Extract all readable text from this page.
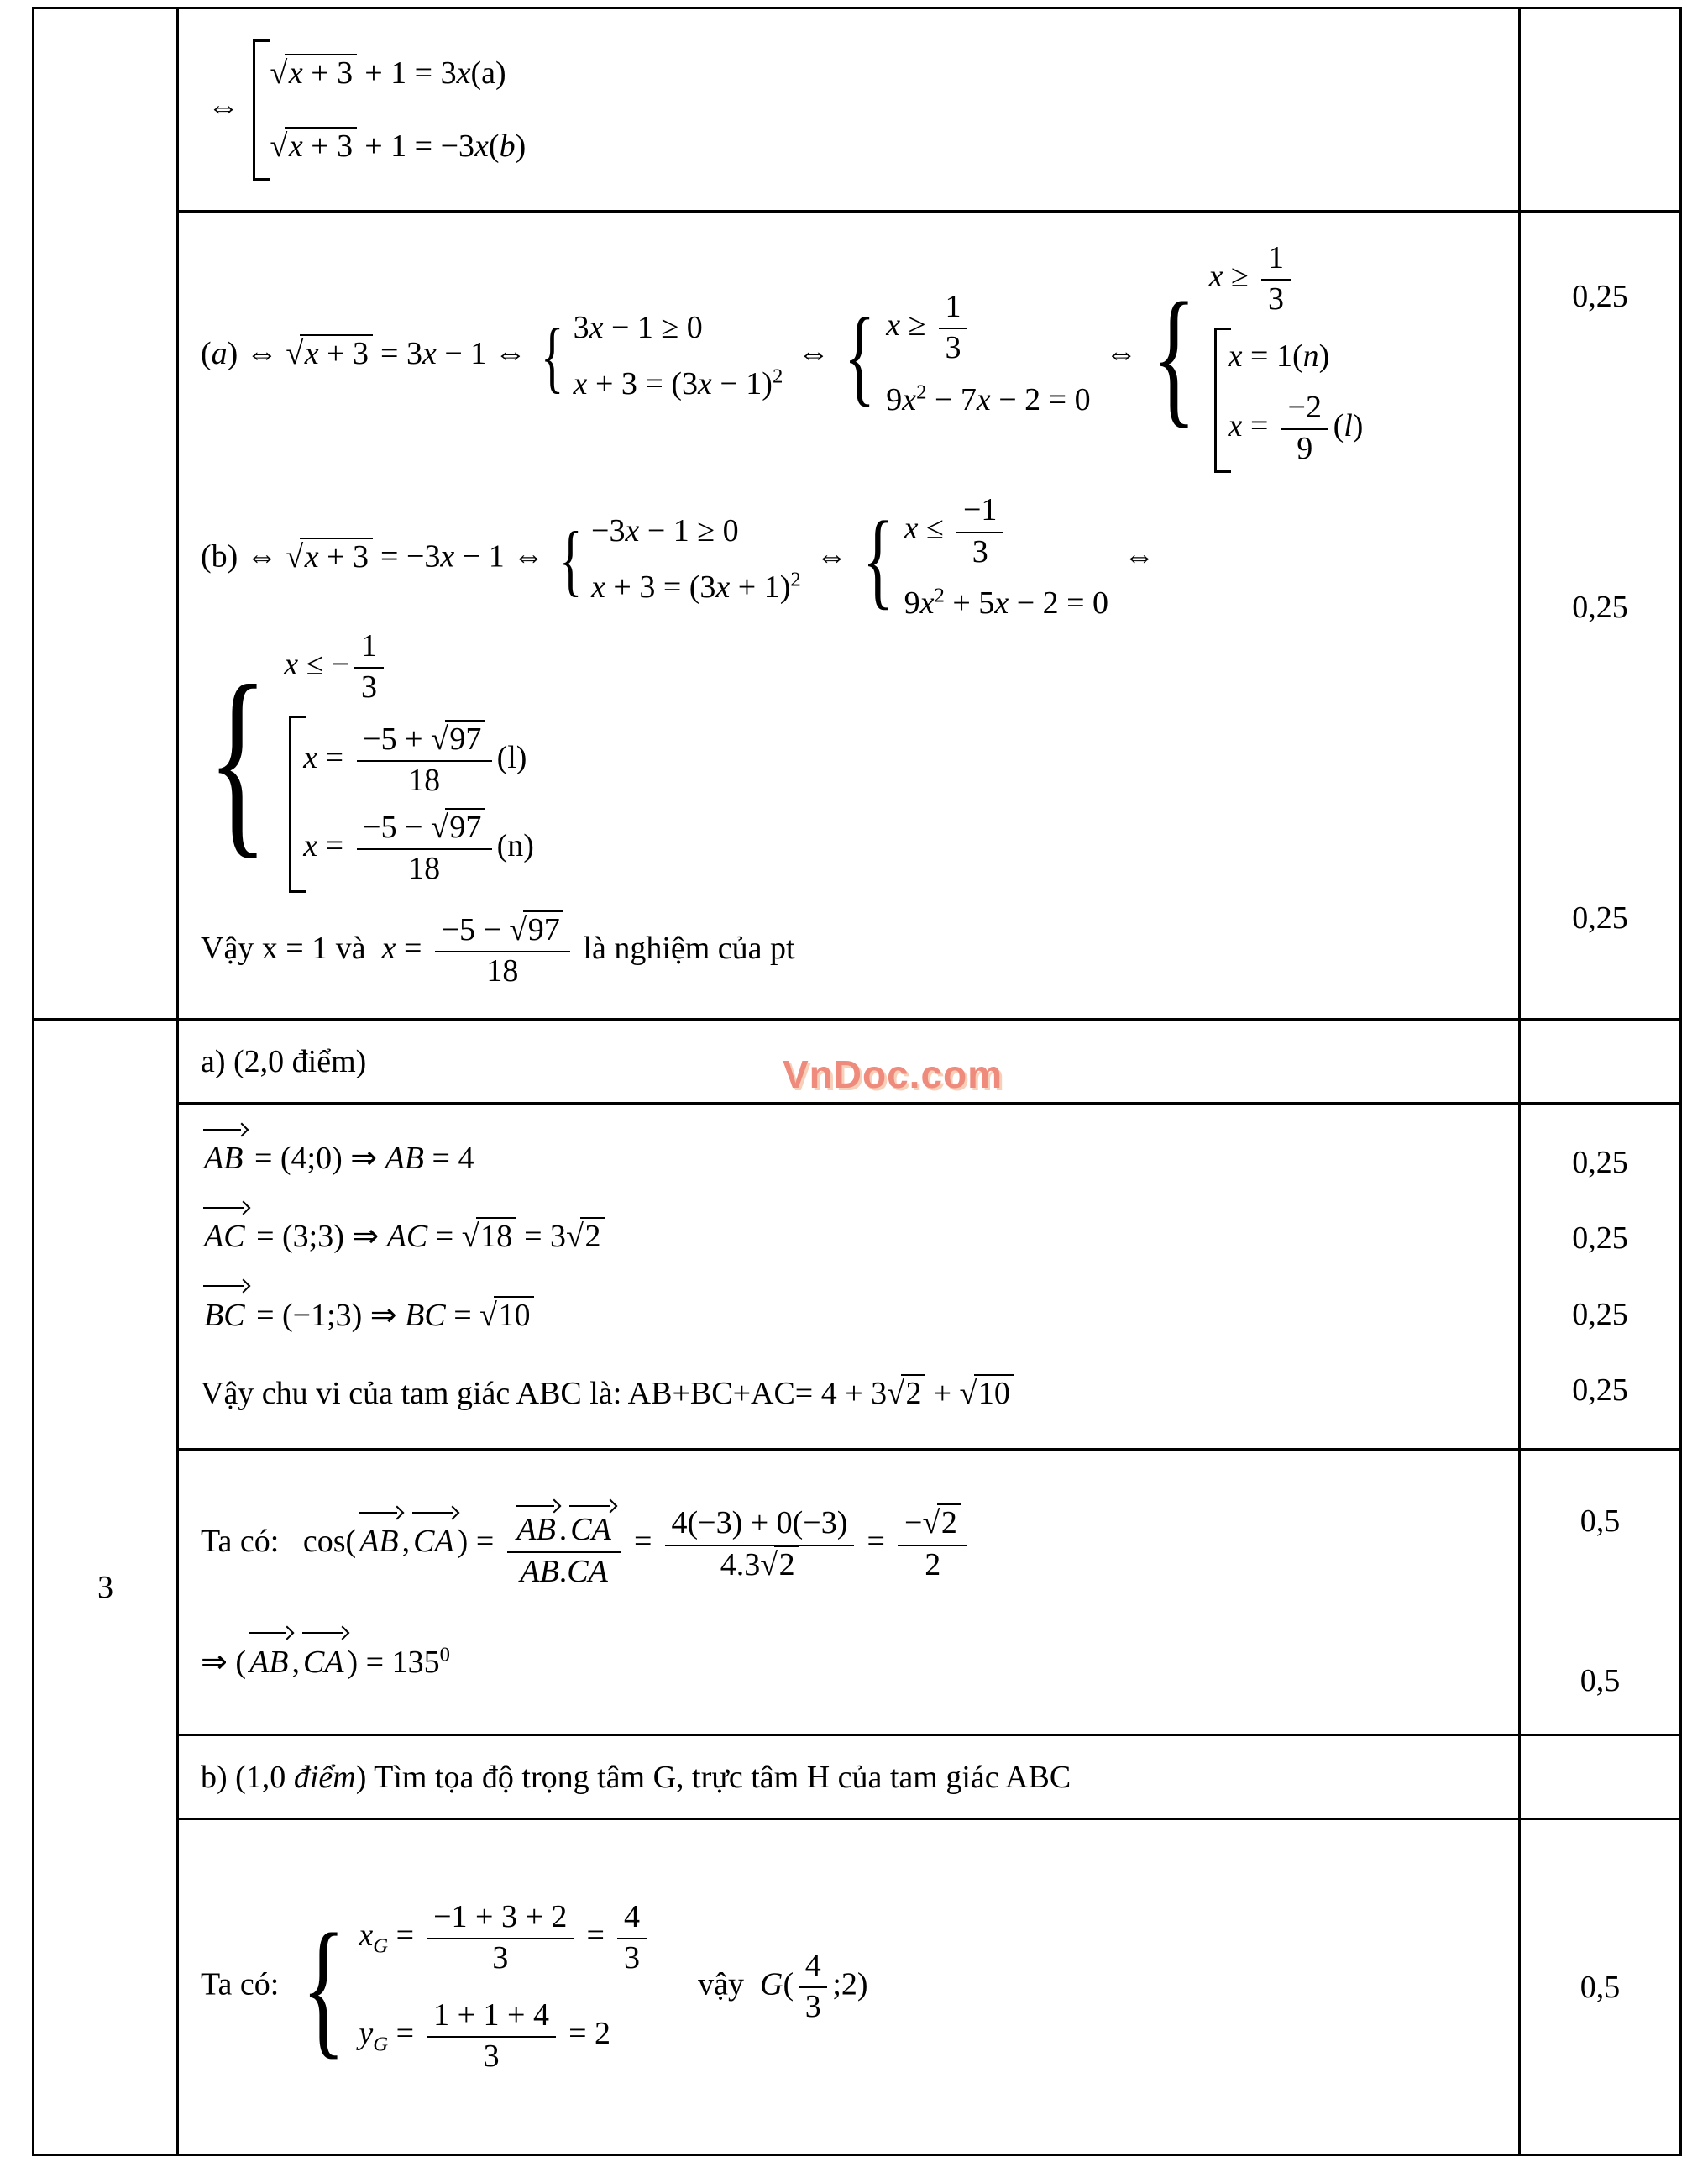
3
⇔
√ x + 3 + 1 = 3x(a)
√ x + 3 + 1 = −3x(b)
(a) ⇔ √ x + 3 = 3x − 1 ⇔ { 3x − 1 ≥ 0
$x + 3 = (3x - 1)^2$
⇔ { $x \ge \frac{1}{3}$
$9x^2 - 7x - 2 = 0$
⇔ { $x \ge \frac{1}{3}$
x = 1(n)
$x = \frac{-2}{9} (l)$
(b) ⇔ √ x + 3 = −3x − 1 ⇔ { −3x − 1 ≥ 0
$x + 3 = (3x + 1)^2$
⇔ { $x \le \frac{-1}{3}$
$9x^2 + 5x - 2 = 0$
⇔
{ x ≤ − $\frac{1}{3}$
$x = \frac{-5 + √ 97}{18} (l)$
$x = \frac{-5 - √ 97}{18} (n)$
Vậy x = 1 và  $x = \frac{-5 - √ 97}{18}$ là nghiệm của pt
0,25
0,25
0,25
a) (2,0 điểm)
AB = (4;0) ⇒ AB = 4
AC = (3;3) ⇒ AC = √ 18 = 3 √ 2
BC = (−1;3) ⇒ BC = √ 10
Vậy chu vi của tam giác ABC là: AB+BC+AC= 4 + 3 √ 2 + √ 10
0,25
0,25
0,25
0,25
Ta có:   cos( AB , CA ) = $\frac{AB . CA}{AB.CA} = \frac{4(-3) + 0(-3)}{4.3 √ 2} = \frac{- √ 2}{2}$
⇒ ( AB , CA ) = $135^0$
0,5
0,5
b) (1,0 điểm) Tìm tọa độ trọng tâm G, trực tâm H của tam giác ABC
Ta có: { $x_G = \frac{-1 + 3 + 2}{3} = \frac{4}{3}$
$y_G = \frac{1 + 1 + 4}{3} = 2$
vậy  $G( \frac{4}{3}$ ;2)	0,5
VnDoc.com
